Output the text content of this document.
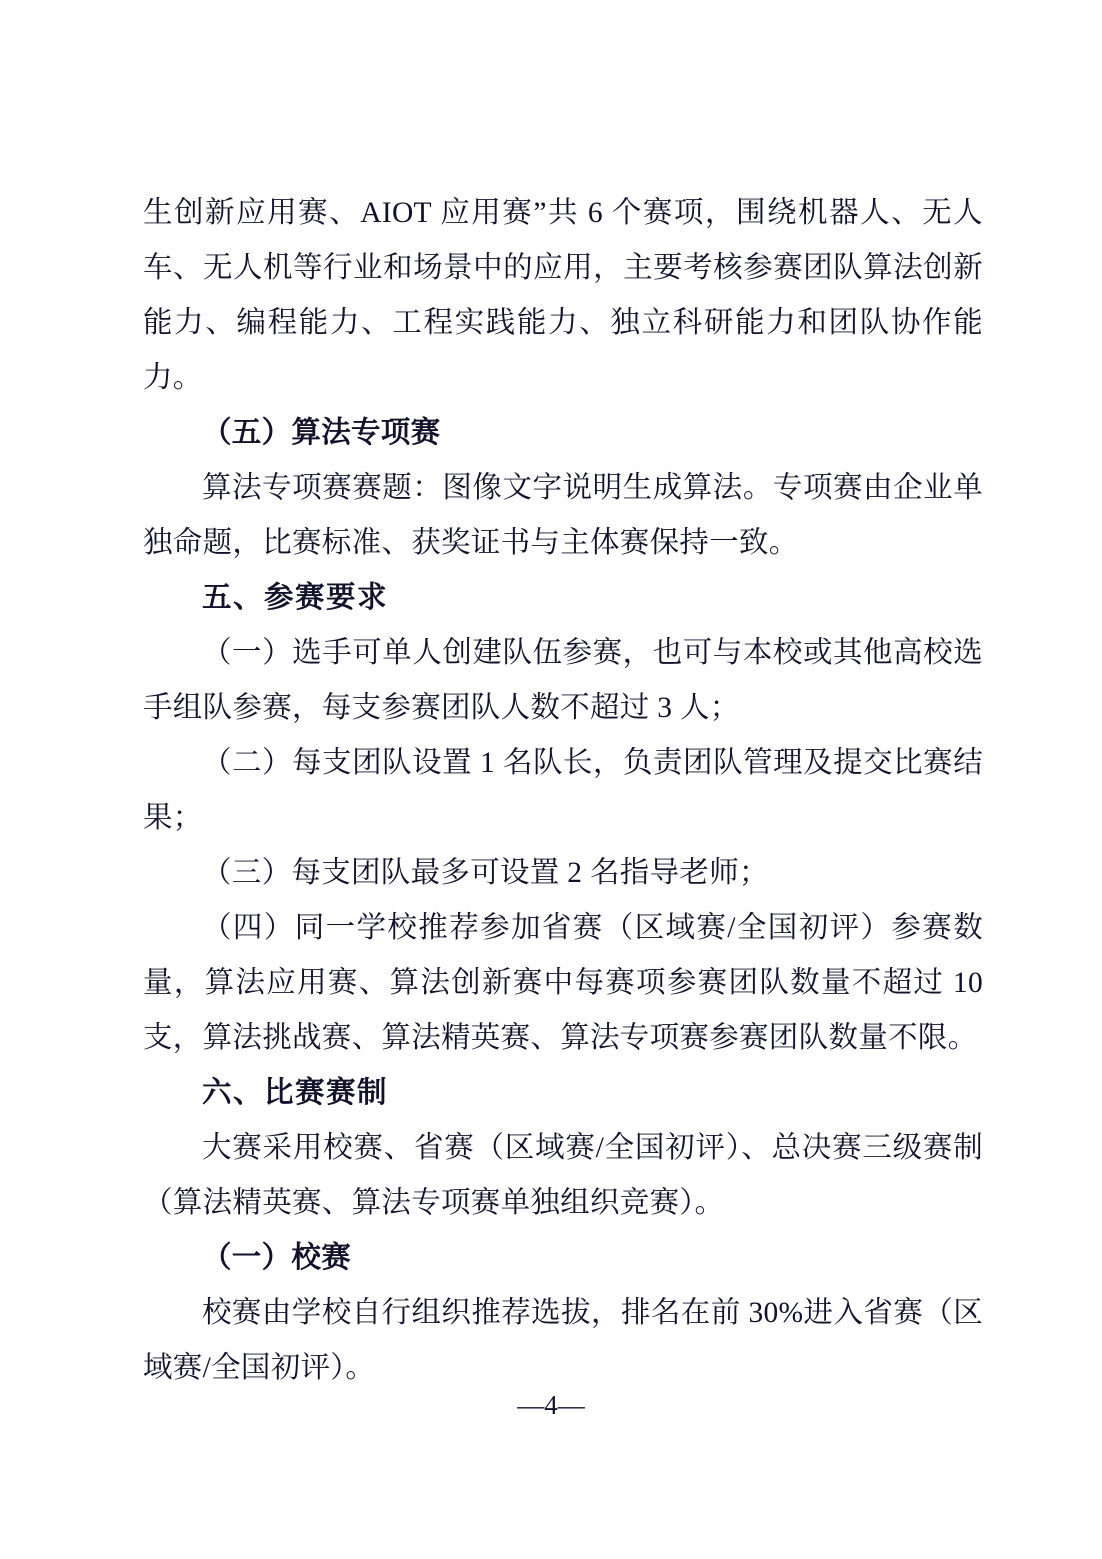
生创新应用赛、AIOT 应用赛”共 6 个赛项，围绕机器人、无人车、无人机等行业和场景中的应用，主要考核参赛团队算法创新能力、编程能力、工程实践能力、独立科研能力和团队协作能力。

（五）算法专项赛

算法专项赛赛题：图像文字说明生成算法。专项赛由企业单独命题，比赛标准、获奖证书与主体赛保持一致。

五、参赛要求

（一）选手可单人创建队伍参赛，也可与本校或其他高校选手组队参赛，每支参赛团队人数不超过 3 人；

（二）每支团队设置 1 名队长，负责团队管理及提交比赛结果；

（三）每支团队最多可设置 2 名指导老师；

（四）同一学校推荐参加省赛（区域赛/全国初评）参赛数量，算法应用赛、算法创新赛中每赛项参赛团队数量不超过 10 支，算法挑战赛、算法精英赛、算法专项赛参赛团队数量不限。

六、比赛赛制

大赛采用校赛、省赛（区域赛/全国初评）、总决赛三级赛制（算法精英赛、算法专项赛单独组织竞赛）。

（一）校赛

校赛由学校自行组织推荐选拔，排名在前 30%进入省赛（区域赛/全国初评）。

—4—
